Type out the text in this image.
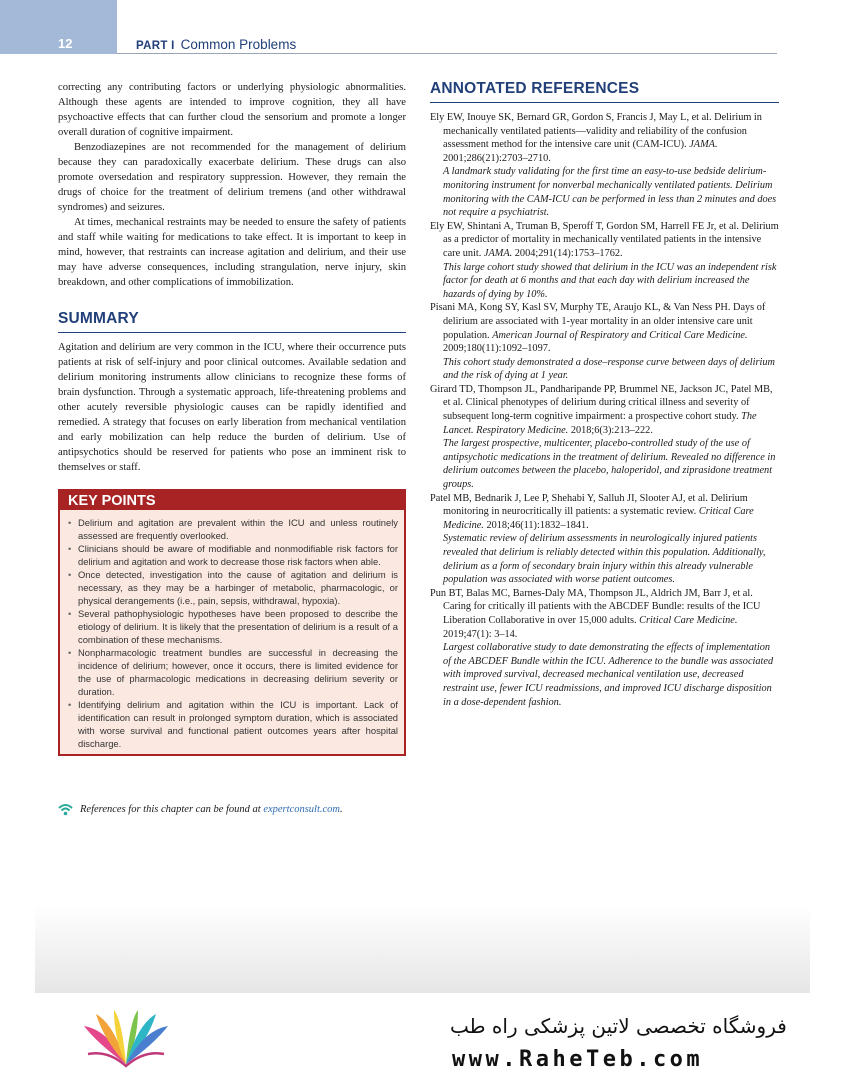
12	PART I Common Problems

correcting any contributing factors or underlying physiologic abnormalities. Although these agents are intended to improve cognition, they all have psychoactive effects that can further cloud the sensorium and promote a longer overall duration of cognitive impairment.

Benzodiazepines are not recommended for the management of delirium because they can paradoxically exacerbate delirium. These drugs can also promote oversedation and respiratory suppression. However, they remain the drugs of choice for the treatment of delirium tremens (and other withdrawal syndromes) and seizures.

At times, mechanical restraints may be needed to ensure the safety of patients and staff while waiting for medications to take effect. It is important to keep in mind, however, that restraints can increase agitation and delirium, and their use may have adverse consequences, including strangulation, nerve injury, skin breakdown, and other complications of immobilization.

SUMMARY

Agitation and delirium are very common in the ICU, where their occurrence puts patients at risk of self-injury and poor clinical outcomes. Available sedation and delirium monitoring instruments allow clinicians to recognize these forms of brain dysfunction. Through a systematic approach, life-threatening problems and other acutely reversible physiologic causes can be rapidly identified and remedied. A strategy that focuses on early liberation from mechanical ventilation and early mobilization can help reduce the burden of delirium. Use of antipsychotics should be reserved for patients who pose an imminent risk to themselves or staff.

KEY POINTS
• Delirium and agitation are prevalent within the ICU and unless routinely assessed are frequently overlooked.
• Clinicians should be aware of modifiable and nonmodifiable risk factors for delirium and agitation and work to decrease those risk factors when able.
• Once detected, investigation into the cause of agitation and delirium is necessary, as they may be a harbinger of metabolic, pharmacologic, or physical derangements (i.e., pain, sepsis, withdrawal, hypoxia).
• Several pathophysiologic hypotheses have been proposed to describe the etiology of delirium. It is likely that the presentation of delirium is a result of a combination of these mechanisms.
• Nonpharmacologic treatment bundles are successful in decreasing the incidence of delirium; however, once it occurs, there is limited evidence for the use of pharmacologic medications in decreasing delirium severity or duration.
• Identifying delirium and agitation within the ICU is important. Lack of identification can result in prolonged symptom duration, which is associated with worse survival and functional patient outcomes years after hospital discharge.
References for this chapter can be found at
expertconsult.com .
ANNOTATED REFERENCES

Ely EW, Inouye SK, Bernard GR, Gordon S, Francis J, May L, et al. Delirium in mechanically ventilated patients—validity and reliability of the confusion assessment method for the intensive care unit (CAM-ICU). JAMA. 2001;286(21):2703–2710.

A landmark study validating for the first time an easy-to-use bedside delirium-monitoring instrument for nonverbal mechanically ventilated patients. Delirium monitoring with the CAM-ICU can be performed in less than 2 minutes and does not require a psychiatrist.

Ely EW, Shintani A, Truman B, Speroff T, Gordon SM, Harrell FE Jr, et al. Delirium as a predictor of mortality in mechanically ventilated patients in the intensive care unit. JAMA. 2004;291(14):1753–1762.

This large cohort study showed that delirium in the ICU was an independent risk factor for death at 6 months and that each day with delirium increased the hazards of dying by 10%.

Pisani MA, Kong SY, Kasl SV, Murphy TE, Araujo KL, & Van Ness PH. Days of delirium are associated with 1-year mortality in an older intensive care unit population. American Journal of Respiratory and Critical Care Medicine. 2009;180(11):1092–1097.

This cohort study demonstrated a dose–response curve between days of delirium and the risk of dying at 1 year.

Girard TD, Thompson JL, Pandharipande PP, Brummel NE, Jackson JC, Patel MB, et al. Clinical phenotypes of delirium during critical illness and severity of subsequent long-term cognitive impairment: a prospective cohort study. The Lancet. Respiratory Medicine. 2018;6(3):213–222.

The largest prospective, multicenter, placebo-controlled study of the use of antipsychotic medications in the treatment of delirium. Revealed no difference in delirium outcomes between the placebo, haloperidol, and ziprasidone treatment groups.

Patel MB, Bednarik J, Lee P, Shehabi Y, Salluh JI, Slooter AJ, et al. Delirium monitoring in neurocritically ill patients: a systematic review. Critical Care Medicine. 2018;46(11):1832–1841.

Systematic review of delirium assessments in neurologically injured patients revealed that delirium is reliably detected within this population. Additionally, delirium as a form of secondary brain injury within this already vulnerable population was associated with worse patient outcomes.

Pun BT, Balas MC, Barnes-Daly MA, Thompson JL, Aldrich JM, Barr J, et al. Caring for critically ill patients with the ABCDEF Bundle: results of the ICU Liberation Collaborative in over 15,000 adults. Critical Care Medicine. 2019;47(1): 3–14.

Largest collaborative study to date demonstrating the effects of implementation of the ABCDEF Bundle within the ICU. Adherence to the bundle was associated with improved survival, decreased mechanical ventilation use, decreased restraint use, fewer ICU readmissions, and improved ICU discharge disposition in a dose-dependent fashion.

فروشگاه تخصصی لاتین پزشکی راه طب
www.RaheTeb.com
